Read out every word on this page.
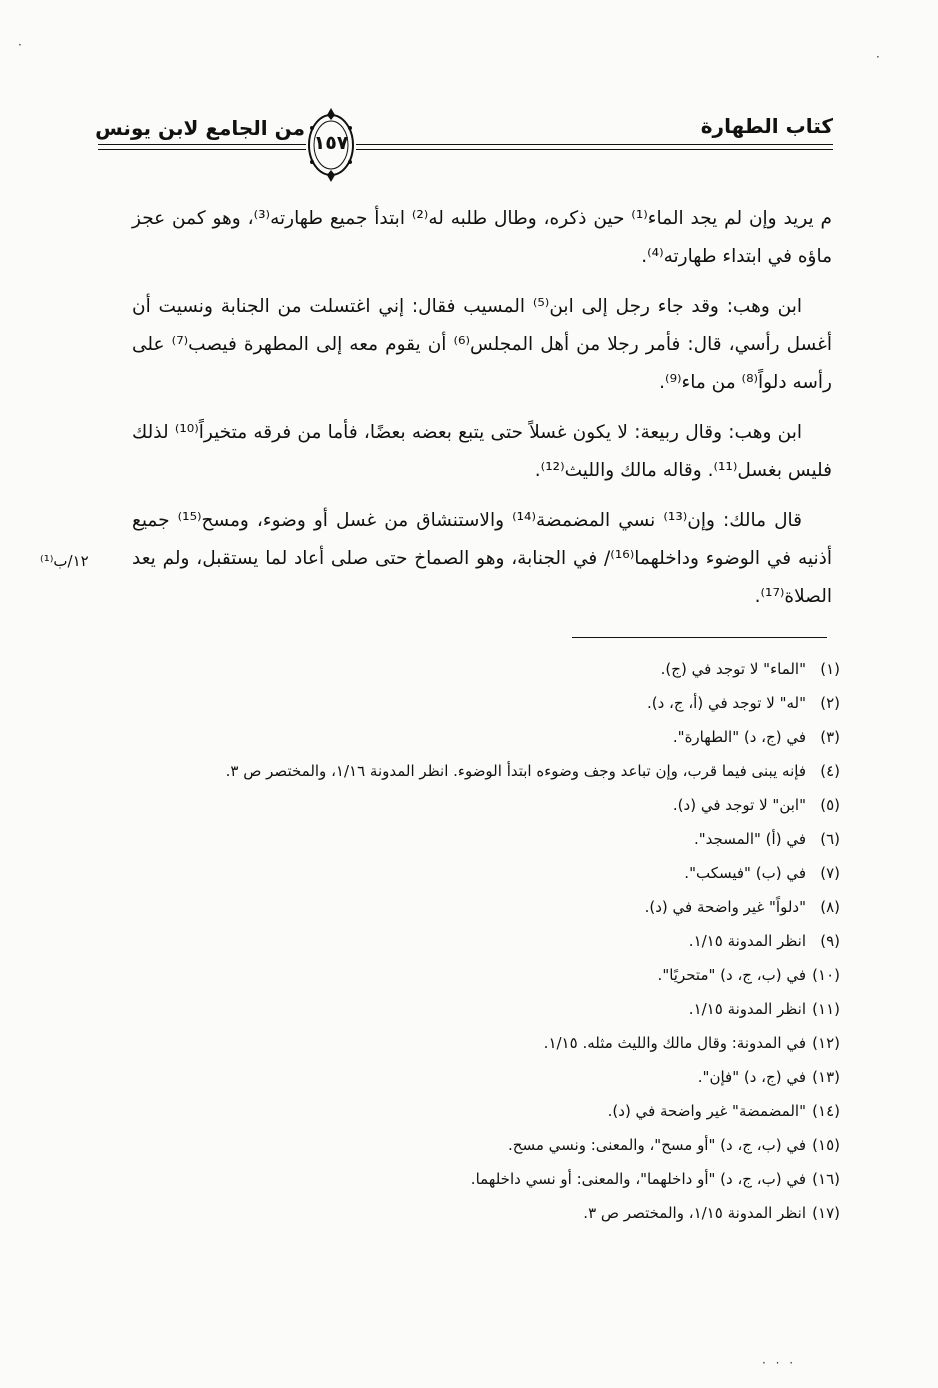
كتاب الطهارة
من الجامع لابن يونس
١٥٧

م يريد وإن لم يجد الماء⁽¹⁾ حين ذكره، وطال طلبه له⁽²⁾ ابتدأ جميع طهارته⁽³⁾، وهو كمن عجز ماؤه في ابتداء طهارته⁽⁴⁾.

ابن وهب: وقد جاء رجل إلى ابن⁽⁵⁾ المسيب فقال: إني اغتسلت من الجنابة ونسيت أن أغسل رأسي، قال: فأمر رجلا من أهل المجلس⁽⁶⁾ أن يقوم معه إلى المطهرة فيصب⁽⁷⁾ على رأسه دلواً⁽⁸⁾ من ماء⁽⁹⁾.

ابن وهب: وقال ربيعة: لا يكون غسلاً حتى يتبع بعضه بعضًا، فأما من فرقه متخيراً⁽¹⁰⁾ لذلك فليس بغسل⁽¹¹⁾. وقاله مالك والليث⁽¹²⁾.

قال مالك: وإن⁽¹³⁾ نسي المضمضة⁽¹⁴⁾ والاستنشاق من غسل أو وضوء، ومسح⁽¹⁵⁾ جميع أذنيه في الوضوء وداخلهما⁽¹⁶⁾/ في الجنابة، وهو الصماخ حتى صلى أعاد لما يستقبل، ولم يعد الصلاة⁽¹⁷⁾.

١٢/ب⁽¹⁾
(١)
"الماء" لا توجد في (ج).
(٢)
"له" لا توجد في (أ، ج، د).
(٣)
في (ج، د) "الطهارة".
(٤)
فإنه يبنى فيما قرب، وإن تباعد وجف وضوءه ابتدأ الوضوء. انظر المدونة ١/١٦، والمختصر ص ٣.
(٥)
"ابن" لا توجد في (د).
(٦)
في (أ) "المسجد".
(٧)
في (ب) "فيسكب".
(٨)
"دلواً" غير واضحة في (د).
(٩)
انظر المدونة ١/١٥.
(١٠)
في (ب، ج، د) "متحريًا".
(١١)
انظر المدونة ١/١٥.
(١٢)
في المدونة: وقال مالك والليث مثله. ١/١٥.
(١٣)
في (ج، د) "فإن".
(١٤)
"المضمضة" غير واضحة في (د).
(١٥)
في (ب، ج، د) "أو مسح"، والمعنى: ونسي مسح.
(١٦)
في (ب، ج، د) "أو داخلهما"، والمعنى: أو نسي داخلهما.
(١٧)
انظر المدونة ١/١٥، والمختصر ص ٣.
·
·
· · ·
